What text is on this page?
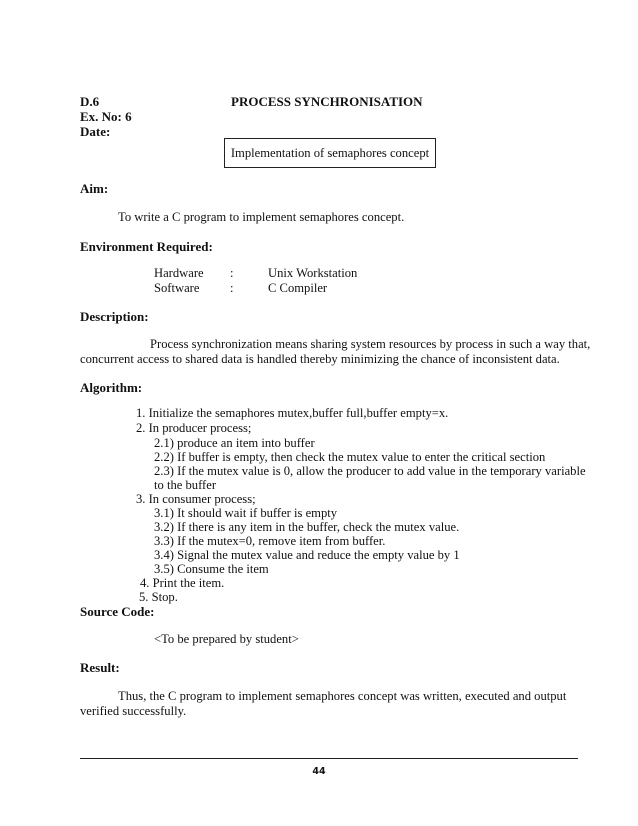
D.6	PROCESS SYNCHRONISATION
Ex. No: 6
Date:
Implementation of semaphores concept
Aim:
To write a C program to implement semaphores concept.
Environment Required:
Hardware :	Unix Workstation
Software :	C Compiler
Description:
Process synchronization means sharing system resources by process in such a way that,
concurrent access to shared data is handled thereby minimizing the chance of inconsistent data.
Algorithm:
1. Initialize the semaphores mutex,buffer full,buffer empty=x.
2. In producer process;
2.1) produce an item into buffer
2.2) If buffer is empty, then check the mutex value to enter the critical section
2.3) If the mutex value is 0, allow the producer to add value in the temporary variable
to the buffer
3. In consumer process;
3.1) It should wait if buffer is empty
3.2) If there is any item in the buffer, check the mutex value.
3.3) If the mutex=0, remove item from buffer.
3.4) Signal the mutex value and reduce the empty value by 1
3.5) Consume the item
4. Print the item.
5. Stop.
Source Code:
<To be prepared by student>
Result:
Thus, the C program to implement semaphores concept was written, executed and output
verified successfully.
44
